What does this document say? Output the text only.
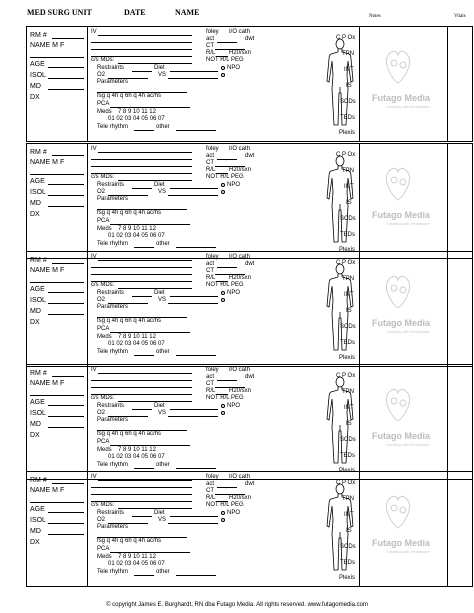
MED SURG UNIT	DATE	NAME	Notes	Vitals
RM #
NAME M F
AGE
ISOL
MD
DX
IV	foley I/O cath
act	dwt
CT
R/L H20/sxn
c/s MDs:	NOT R/L PEG
Restraints	Diet	NPO
O2	VS
Parameters
fsg q 4h q 6h q 4h ac/hs
PCA
Meds 7 8 9 10 11 12
01 02 03 04 05 06 07
Tele rhythm	other
C P Ox
TPN
INT
IS
SCDs
TEDs
Plexis
Futago Media
Creating with Healthcare
RM #
NAME M F
AGE
ISOL
MD
DX
IV	foley I/O cath
act	dwt
CT
R/L H20/sxn
c/s MDs:	NOT R/L PEG
Restraints	Diet	NPO
O2	VS
Parameters
fsg q 4h q 6h q 4h ac/hs
PCA
Meds 7 8 9 10 11 12
01 02 03 04 05 06 07
Tele rhythm	other
C P Ox
TPN
INT
IS
SCDs
TEDs
Plexis
Futago Media
Creating with Healthcare
RM #
NAME M F
AGE
ISOL
MD
DX
IV	foley I/O cath
act	dwt
CT
R/L H20/sxn
c/s MDs:	NOT R/L PEG
Restraints	Diet	NPO
O2	VS
Parameters
fsg q 4h q 6h q 4h ac/hs
PCA
Meds 7 8 9 10 11 12
01 02 03 04 05 06 07
Tele rhythm	other
C P Ox
TPN
INT
IS
SCDs
TEDs
Plexis
Futago Media
Creating with Healthcare
RM #
NAME M F
AGE
ISOL
MD
DX
IV	foley I/O cath
act	dwt
CT
R/L H20/sxn
c/s MDs:	NOT R/L PEG
Restraints	Diet	NPO
O2	VS
Parameters
fsg q 4h q 6h q 4h ac/hs
PCA
Meds 7 8 9 10 11 12
01 02 03 04 05 06 07
Tele rhythm	other
C P Ox
TPN
INT
IS
SCDs
TEDs
Plexis
Futago Media
Creating with Healthcare
RM #
NAME M F
AGE
ISOL
MD
DX
IV	foley I/O cath
act	dwt
CT
R/L H20/sxn
c/s MDs:	NOT R/L PEG
Restraints	Diet	NPO
O2	VS
Parameters
fsg q 4h q 6h q 4h ac/hs
PCA
Meds 7 8 9 10 11 12
01 02 03 04 05 06 07
Tele rhythm	other
C P Ox
TPN
INT
IS
SCDs
TEDs
Plexis
Futago Media
Creating with Healthcare
© copyright James E. Burghardt, RN dba Futago Media. All rights reserved. www.futagomedia.com
